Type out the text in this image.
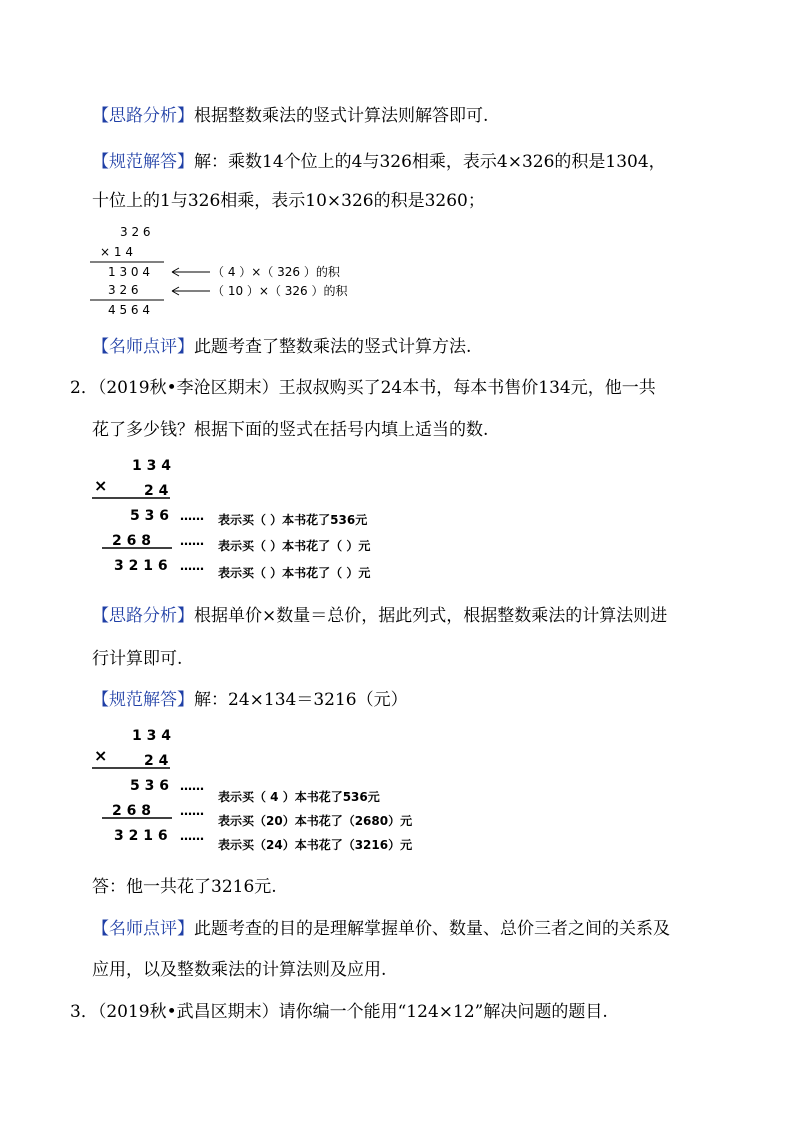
【思路分析】根据整数乘法的竖式计算法则解答即可.
【规范解答】解：乘数14个位上的4与326相乘，表示4×326的积是1304，
十位上的1与326相乘，表示10×326的积是3260；
3 2 6
× 1 4
1 3 0 4
3 2 6
4 5 6 4
（ 4 ）×（ 326 ）的积
（ 10 ）×（ 326 ）的积
【名师点评】此题考查了整数乘法的竖式计算方法.
2．（2019秋•李沧区期末）王叔叔购买了24本书，每本书售价134元，他一共
花了多少钱？根据下面的竖式在括号内填上适当的数.
1 3 4
×	2 4
5 3 6 …… 表示买（ ）本书花了536元
2 6 8 …… 表示买（ ）本书花了（ ）元
3 2 1 6 …… 表示买（ ）本书花了（ ）元
【思路分析】根据单价×数量＝总价，据此列式，根据整数乘法的计算法则进
行计算即可.
【规范解答】解：24×134＝3216（元）
1 3 4
×	2 4
5 3 6 ……
表示买（ 4 ）本书花了536元
2 6 8 ……
表示买（20）本书花了（2680）元
3 2 1 6 ……
表示买（24）本书花了（3216）元
答：他一共花了3216元.
【名师点评】此题考查的目的是理解掌握单价、数量、总价三者之间的关系及
应用，以及整数乘法的计算法则及应用.
3．（2019秋•武昌区期末）请你编一个能用“124×12”解决问题的题目.
